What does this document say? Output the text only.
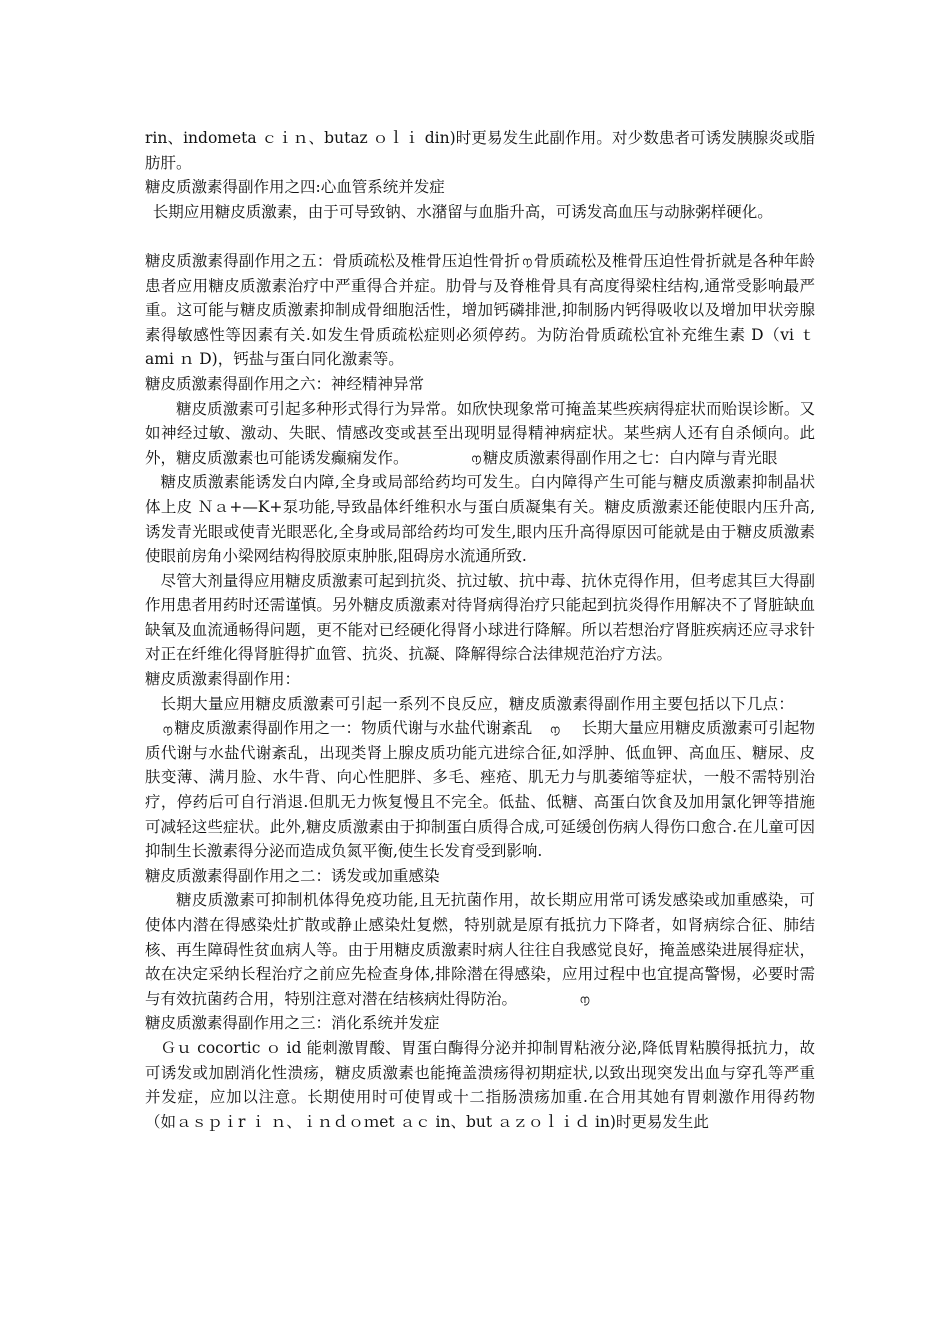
rin、indometa ｃｉｎ、butaz ｏｌｉ din)时更易发生此副作用。对少数患者可诱发胰腺炎或脂肪肝。

糖皮质激素得副作用之四:心血管系统并发症

长期应用糖皮质激素，由于可导致钠、水潴留与血脂升高，可诱发高血压与动脉粥样硬化。

糖皮质激素得副作用之五：骨质疏松及椎骨压迫性骨折 ൱ 骨质疏松及椎骨压迫性骨折就是各种年龄患者应用糖皮质激素治疗中严重得合并症。肋骨与及脊椎骨具有高度得梁柱结构,通常受影响最严重。这可能与糖皮质激素抑制成骨细胞活性，增加钙磷排泄,抑制肠内钙得吸收以及增加甲状旁腺素得敏感性等因素有关.如发生骨质疏松症则必须停药。为防治骨质疏松宜补充维生素 D（vi ｔ ami ｎ D)，钙盐与蛋白同化激素等。

糖皮质激素得副作用之六：神经精神异常

糖皮质激素可引起多种形式得行为异常。如欣快现象常可掩盖某些疾病得症状而贻误诊断。又如神经过敏、激动、失眠、情感改变或甚至出现明显得精神病症状。某些病人还有自杀倾向。此外，糖皮质激素也可能诱发癫痫发作。	൱ 糖皮质激素得副作用之七：白内障与青光眼

糖皮质激素能诱发白内障,全身或局部给药均可发生。白内障得产生可能与糖皮质激素抑制晶状体上皮 Ｎａ+—K+泵功能,导致晶体纤维积水与蛋白质凝集有关。糖皮质激素还能使眼内压升高,诱发青光眼或使青光眼恶化,全身或局部给药均可发生,眼内压升高得原因可能就是由于糖皮质激素使眼前房角小梁网结构得胶原束肿胀,阻碍房水流通所致.

尽管大剂量得应用糖皮质激素可起到抗炎、抗过敏、抗中毒、抗休克得作用，但考虑其巨大得副作用患者用药时还需谨慎。另外糖皮质激素对待肾病得治疗只能起到抗炎得作用解决不了肾脏缺血缺氧及血流通畅得问题，更不能对已经硬化得肾小球进行降解。所以若想治疗肾脏疾病还应寻求针对正在纤维化得肾脏得扩血管、抗炎、抗凝、降解得综合法律规范治疗方法。

糖皮质激素得副作用：

长期大量应用糖皮质激素可引起一系列不良反应，糖皮质激素得副作用主要包括以下几点：    ൱ 糖皮质激素得副作用之一：物质代谢与水盐代谢紊乱 ൱ 长期大量应用糖皮质激素可引起物质代谢与水盐代谢紊乱，出现类肾上腺皮质功能亢进综合征,如浮肿、低血钾、高血压、糖尿、皮肤变薄、满月脸、水牛背、向心性肥胖、多毛、痤疮、肌无力与肌萎缩等症状，一般不需特别治疗，停药后可自行消退.但肌无力恢复慢且不完全。低盐、低糖、高蛋白饮食及加用氯化钾等措施可减轻这些症状。此外,糖皮质激素由于抑制蛋白质得合成,可延缓创伤病人得伤口愈合.在儿童可因抑制生长激素得分泌而造成负氮平衡,使生长发育受到影响.

糖皮质激素得副作用之二：诱发或加重感染

糖皮质激素可抑制机体得免疫功能,且无抗菌作用，故长期应用常可诱发感染或加重感染，可使体内潜在得感染灶扩散或静止感染灶复燃，特别就是原有抵抗力下降者，如肾病综合征、肺结核、再生障碍性贫血病人等。由于用糖皮质激素时病人往往自我感觉良好，掩盖感染进展得症状，故在决定采纳长程治疗之前应先检查身体,排除潜在得感染，应用过程中也宜提高警惕，必要时需与有效抗菌药合用，特别注意对潜在结核病灶得防治。	൱

糖皮质激素得副作用之三：消化系统并发症

Ｇｕ cocortic ｏ id 能刺激胃酸、胃蛋白酶得分泌并抑制胃粘液分泌,降低胃粘膜得抵抗力，故可诱发或加剧消化性溃疡，糖皮质激素也能掩盖溃疡得初期症状,以致出现突发出血与穿孔等严重并发症，应加以注意。长期使用时可使胃或十二指肠溃疡加重.在合用其她有胃刺激作用得药物（如ａｓｐｉr ｉ ｎ、ｉｎｄｏｍet ａｃ in、but ａｚｏｌｉｄ in)时更易发生此
